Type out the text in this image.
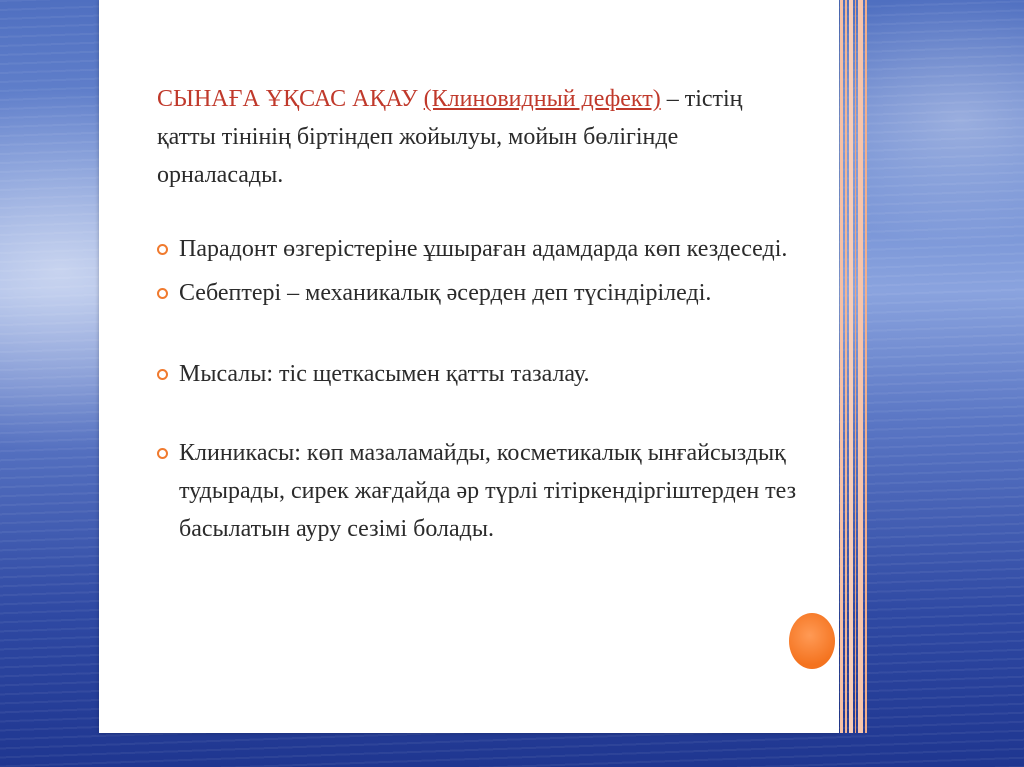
СЫНАҒА ҰҚСАС АҚАУ (Клиновидный дефект) – тістің қатты тінінің біртіндеп жойылуы, мойын бөлігінде орналасады.

Парадонт өзгерістеріне ұшыраған адамдарда көп кездеседі.
Себептері – механикалық әсерден деп түсіндіріледі.
Мысалы: тіс щеткасымен қатты тазалау.
Клиникасы: көп мазаламайды, косметикалық ынғайсыздық тудырады, сирек жағдайда әр түрлі тітіркендіргіштерден тез басылатын ауру сезімі болады.
